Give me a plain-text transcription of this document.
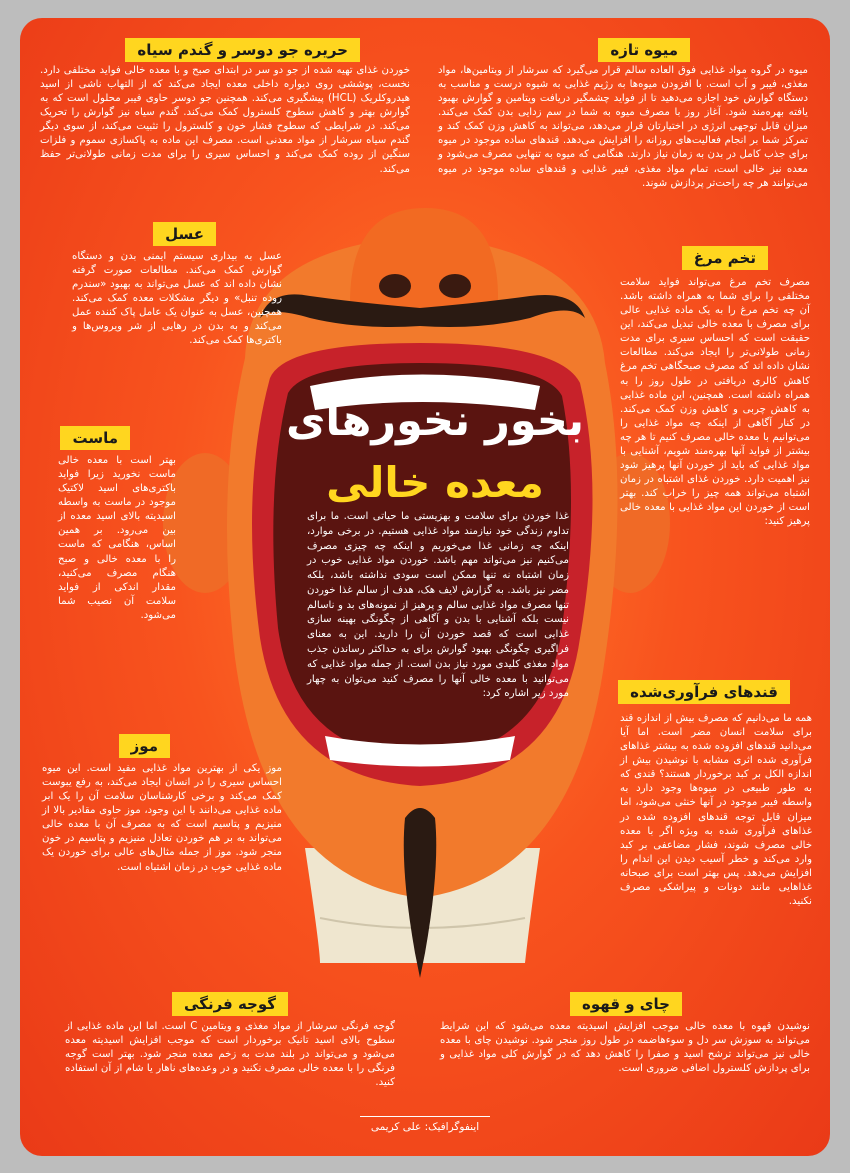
بخور نخورهای
معده خالی

غذا خوردن برای سلامت و بهزیستی ما حیاتی است. ما برای تداوم زندگی خود نیازمند مواد غذایی هستیم. در برخی موارد، اینکه چه زمانی غذا می‌خوریم و اینکه چه چیزی مصرف می‌کنیم نیز می‌تواند مهم باشد. خوردن مواد غذایی خوب در زمان اشتباه نه تنها ممکن است سودی نداشته باشد، بلکه مضر نیز باشد. به گزارش لایف هک، هدف از سالم غذا خوردن تنها مصرف مواد غذایی سالم و پرهیز از نمونه‌های بد و ناسالم نیست بلکه آشنایی با بدن و آگاهی از چگونگی بهینه سازی غذایی است که قصد خوردن آن را دارید. این به معنای فراگیری چگونگی بهبود گوارش برای به حداکثر رساندن جذب مواد مغذی کلیدی مورد نیاز بدن است. از جمله مواد غذایی که می‌توانید با معده خالی آنها را مصرف کنید می‌توان به چهار مورد زیر اشاره کرد:

حریره جو دوسر و گندم سیاه

خوردن غذای تهیه شده از جو دو سر در ابتدای صبح و با معده خالی فواید مختلفی دارد. نخست، پوششی روی دیواره داخلی معده ایجاد می‌کند که از التهاب ناشی از اسید هیدروکلریک (HCL) پیشگیری می‌کند. همچنین جو دوسر حاوی فیبر محلول است که به گوارش بهتر و کاهش سطوح کلسترول کمک می‌کند. گندم سیاه نیز گوارش را تحریک می‌کند. در شرایطی که سطوح فشار خون و کلسترول را تثبیت می‌کند، از سوی دیگر گندم سیاه سرشار از مواد معدنی است. مصرف این ماده به پاکسازی سموم و فلزات سنگین از روده کمک می‌کند و احساس سیری را برای مدت زمانی طولانی‌تر حفظ می‌کند.

میوه تازه

میوه در گروه مواد غذایی فوق العاده سالم قرار می‌گیرد که سرشار از ویتامین‌ها، مواد مغذی، فیبر و آب است. با افزودن میوه‌ها به رژیم غذایی به شیوه درست و مناسب به دستگاه گوارش خود اجازه می‌دهید تا از فواید چشمگیر دریافت ویتامین و گوارش بهبود یافته بهره‌مند شود. آغاز روز با مصرف میوه به شما در سم زدایی بدن کمک می‌کند. میزان قابل توجهی انرژی در اختیارتان قرار می‌دهد، می‌تواند به کاهش وزن کمک کند و تمرکز شما بر انجام فعالیت‌های روزانه را افزایش می‌دهد. قندهای ساده موجود در میوه برای جذب کامل در بدن به زمان نیاز دارند. هنگامی که میوه به تنهایی مصرف می‌شود و معده نیز خالی است، تمام مواد مغذی، فیبر غذایی و قندهای ساده موجود در میوه می‌توانند هر چه راحت‌تر پردازش شوند.

عسل

عسل به بیداری سیستم ایمنی بدن و دستگاه گوارش کمک می‌کند. مطالعات صورت گرفته نشان داده اند که عسل می‌تواند به بهبود «سندرم روده تنبل» و دیگر مشکلات معده کمک می‌کند. همچنین، عسل به عنوان یک عامل پاک کننده عمل می‌کند و به بدن در رهایی از شر ویروس‌ها و باکتری‌ها کمک می‌کند.

تخم مرغ

مصرف تخم مرغ می‌تواند فواید سلامت مختلفی را برای شما به همراه داشته باشد. آن چه تخم مرغ را به یک ماده غذایی عالی برای مصرف با معده خالی تبدیل می‌کند، این حقیقت است که احساس سیری برای مدت زمانی طولانی‌تر را ایجاد می‌کند. مطالعات نشان داده اند که مصرف صبحگاهی تخم مرغ کاهش کالری دریافتی در طول روز را به همراه داشته است. همچنین، این ماده غذایی به کاهش چربی و کاهش وزن کمک می‌کند. در کنار آگاهی از اینکه چه مواد غذایی را می‌توانیم با معده خالی مصرف کنیم تا هر چه بیشتر از فواید آنها بهره‌مند شویم، آشنایی با مواد غذایی که باید از خوردن آنها پرهیز شود نیز اهمیت دارد. خوردن غذای اشتباه در زمان اشتباه می‌تواند همه چیز را خراب کند. بهتر است از خوردن این مواد غذایی با معده خالی پرهیز کنید:

ماست

بهتر است با معده خالی ماست نخورید زیرا فواید باکتری‌های اسید لاکتیک موجود در ماست به واسطه اسیدیته بالای اسید معده از بین می‌رود. بر همین اساس، هنگامی که ماست را با معده خالی و صبح هنگام مصرف می‌کنید، مقدار اندکی از فواید سلامت آن نصیب شما می‌شود.

قندهای فرآوری‌شده

همه ما می‌دانیم که مصرف بیش از اندازه قند برای سلامت انسان مضر است. اما آیا می‌دانید قندهای افزوده شده به بیشتر غذاهای فرآوری شده اثری مشابه با نوشیدن بیش از اندازه الکل بر کبد برخوردار هستند؟ قندی که به طور طبیعی در میوه‌ها وجود دارد به واسطه فیبر موجود در آنها خنثی می‌شود، اما میزان قابل توجه قندهای افزوده شده در غذاهای فرآوری شده به ویژه اگر با معده خالی مصرف شوند، فشار مضاعفی بر کبد وارد می‌کند و خطر آسیب دیدن این اندام را افزایش می‌دهد. پس بهتر است برای صبحانه غذاهایی مانند دونات و پیراشکی مصرف نکنید.

موز

موز یکی از بهترین مواد غذایی مفید است. این میوه احساس سیری را در انسان ایجاد می‌کند، به رفع یبوست کمک می‌کند و برخی کارشناسان سلامت آن را یک ابر ماده غذایی می‌دانند با این وجود، موز حاوی مقادیر بالا از منیزیم و پتاسیم است که به مصرف آن با معده خالی می‌تواند به بر هم خوردن تعادل منیزیم و پتاسیم در خون منجر شود. موز از جمله مثال‌های عالی برای خوردن یک ماده غذایی خوب در زمان اشتباه است.

گوجه فرنگی

گوجه فرنگی سرشار از مواد مغذی و ویتامین C است. اما این ماده غذایی از سطوح بالای اسید تانیک برخوردار است که موجب افزایش اسیدیته معده می‌شود و می‌تواند در بلند مدت به زخم معده منجر شود. بهتر است گوجه فرنگی را با معده خالی مصرف نکنید و در وعده‌های ناهار یا شام از آن استفاده کنید.

چای و قهوه

نوشیدن قهوه با معده خالی موجب افزایش اسیدیته معده می‌شود که این شرایط می‌تواند به سوزش سر دل و سوءهاضمه در طول روز منجر شود. نوشیدن چای با معده خالی نیز می‌تواند ترشح اسید و صفرا را کاهش دهد که در گوارش کلی مواد غذایی و برای پردازش کلسترول اضافی ضروری است.

اینفوگرافیک: علی کریمی
